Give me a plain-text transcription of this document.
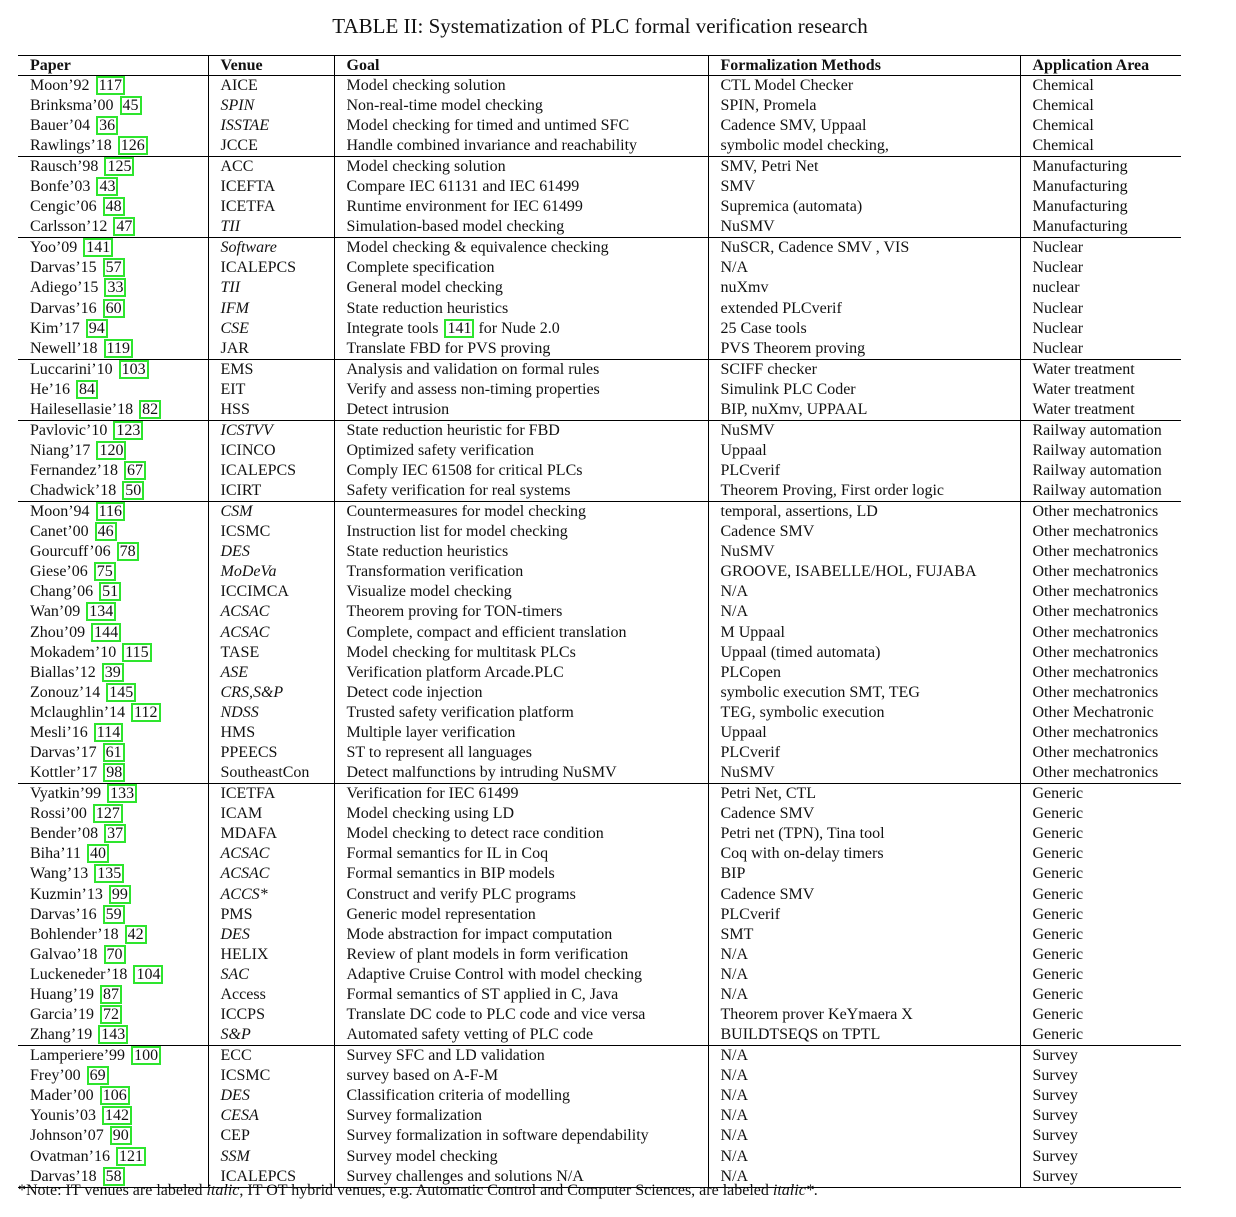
TABLE II: Systematization of PLC formal verification research
Paper	Venue	Goal	Formalization Methods	Application Area
Moon’92 117	AICE	Model checking solution	CTL Model Checker	Chemical
Brinksma’00 45	SPIN	Non-real-time model checking	SPIN, Promela	Chemical
Bauer’04 36	ISSTAE	Model checking for timed and untimed SFC	Cadence SMV, Uppaal	Chemical
Rawlings’18 126	JCCE	Handle combined invariance and reachability	symbolic model checking,	Chemical
Rausch’98 125	ACC	Model checking solution	SMV, Petri Net	Manufacturing
Bonfe’03 43	ICEFTA	Compare IEC 61131 and IEC 61499	SMV	Manufacturing
Cengic’06 48	ICETFA	Runtime environment for IEC 61499	Supremica (automata)	Manufacturing
Carlsson’12 47	TII	Simulation-based model checking	NuSMV	Manufacturing
Yoo’09 141	Software	Model checking & equivalence checking	NuSCR, Cadence SMV , VIS	Nuclear
Darvas’15 57	ICALEPCS	Complete specification	N/A	Nuclear
Adiego’15 33	TII	General model checking	nuXmv	nuclear
Darvas’16 60	IFM	State reduction heuristics	extended PLCverif	Nuclear
Kim’17 94	CSE	Integrate tools 141 for Nude 2.0	25 Case tools	Nuclear
Newell’18 119	JAR	Translate FBD for PVS proving	PVS Theorem proving	Nuclear
Luccarini’10 103	EMS	Analysis and validation on formal rules	SCIFF checker	Water treatment
He’16 84	EIT	Verify and assess non-timing properties	Simulink PLC Coder	Water treatment
Hailesellasie’18 82	HSS	Detect intrusion	BIP, nuXmv, UPPAAL	Water treatment
Pavlovic’10 123	ICSTVV	State reduction heuristic for FBD	NuSMV	Railway automation
Niang’17 120	ICINCO	Optimized safety verification	Uppaal	Railway automation
Fernandez’18 67	ICALEPCS	Comply IEC 61508 for critical PLCs	PLCverif	Railway automation
Chadwick’18 50	ICIRT	Safety verification for real systems	Theorem Proving, First order logic	Railway automation
Moon’94 116	CSM	Countermeasures for model checking	temporal, assertions, LD	Other mechatronics
Canet’00 46	ICSMC	Instruction list for model checking	Cadence SMV	Other mechatronics
Gourcuff’06 78	DES	State reduction heuristics	NuSMV	Other mechatronics
Giese’06 75	MoDeVa	Transformation verification	GROOVE, ISABELLE/HOL, FUJABA	Other mechatronics
Chang’06 51	ICCIMCA	Visualize model checking	N/A	Other mechatronics
Wan’09 134	ACSAC	Theorem proving for TON-timers	N/A	Other mechatronics
Zhou’09 144	ACSAC	Complete, compact and efficient translation	M Uppaal	Other mechatronics
Mokadem’10 115	TASE	Model checking for multitask PLCs	Uppaal (timed automata)	Other mechatronics
Biallas’12 39	ASE	Verification platform Arcade.PLC	PLCopen	Other mechatronics
Zonouz’14 145	CRS,S&P	Detect code injection	symbolic execution SMT, TEG	Other mechatronics
Mclaughlin’14 112	NDSS	Trusted safety verification platform	TEG, symbolic execution	Other Mechatronic
Mesli’16 114	HMS	Multiple layer verification	Uppaal	Other mechatronics
Darvas’17 61	PPEECS	ST to represent all languages	PLCverif	Other mechatronics
Kottler’17 98	SoutheastCon	Detect malfunctions by intruding NuSMV	NuSMV	Other mechatronics
Vyatkin’99 133	ICETFA	Verification for IEC 61499	Petri Net, CTL	Generic
Rossi’00 127	ICAM	Model checking using LD	Cadence SMV	Generic
Bender’08 37	MDAFA	Model checking to detect race condition	Petri net (TPN), Tina tool	Generic
Biha’11 40	ACSAC	Formal semantics for IL in Coq	Coq with on-delay timers	Generic
Wang’13 135	ACSAC	Formal semantics in BIP models	BIP	Generic
Kuzmin’13 99	ACCS*	Construct and verify PLC programs	Cadence SMV	Generic
Darvas’16 59	PMS	Generic model representation	PLCverif	Generic
Bohlender’18 42	DES	Mode abstraction for impact computation	SMT	Generic
Galvao’18 70	HELIX	Review of plant models in form verification	N/A	Generic
Luckeneder’18 104	SAC	Adaptive Cruise Control with model checking	N/A	Generic
Huang’19 87	Access	Formal semantics of ST applied in C, Java	N/A	Generic
Garcia’19 72	ICCPS	Translate DC code to PLC code and vice versa	Theorem prover KeYmaera X	Generic
Zhang’19 143	S&P	Automated safety vetting of PLC code	BUILDTSEQS on TPTL	Generic
Lamperiere’99 100	ECC	Survey SFC and LD validation	N/A	Survey
Frey’00 69	ICSMC	survey based on A-F-M	N/A	Survey
Mader’00 106	DES	Classification criteria of modelling	N/A	Survey
Younis’03 142	CESA	Survey formalization	N/A	Survey
Johnson’07 90	CEP	Survey formalization in software dependability	N/A	Survey
Ovatman’16 121	SSM	Survey model checking	N/A	Survey
Darvas’18 58	ICALEPCS	Survey challenges and solutions N/A	N/A	Survey
*Note: IT venues are labeled italic, IT OT hybrid venues, e.g. Automatic Control and Computer Sciences, are labeled italic*.
